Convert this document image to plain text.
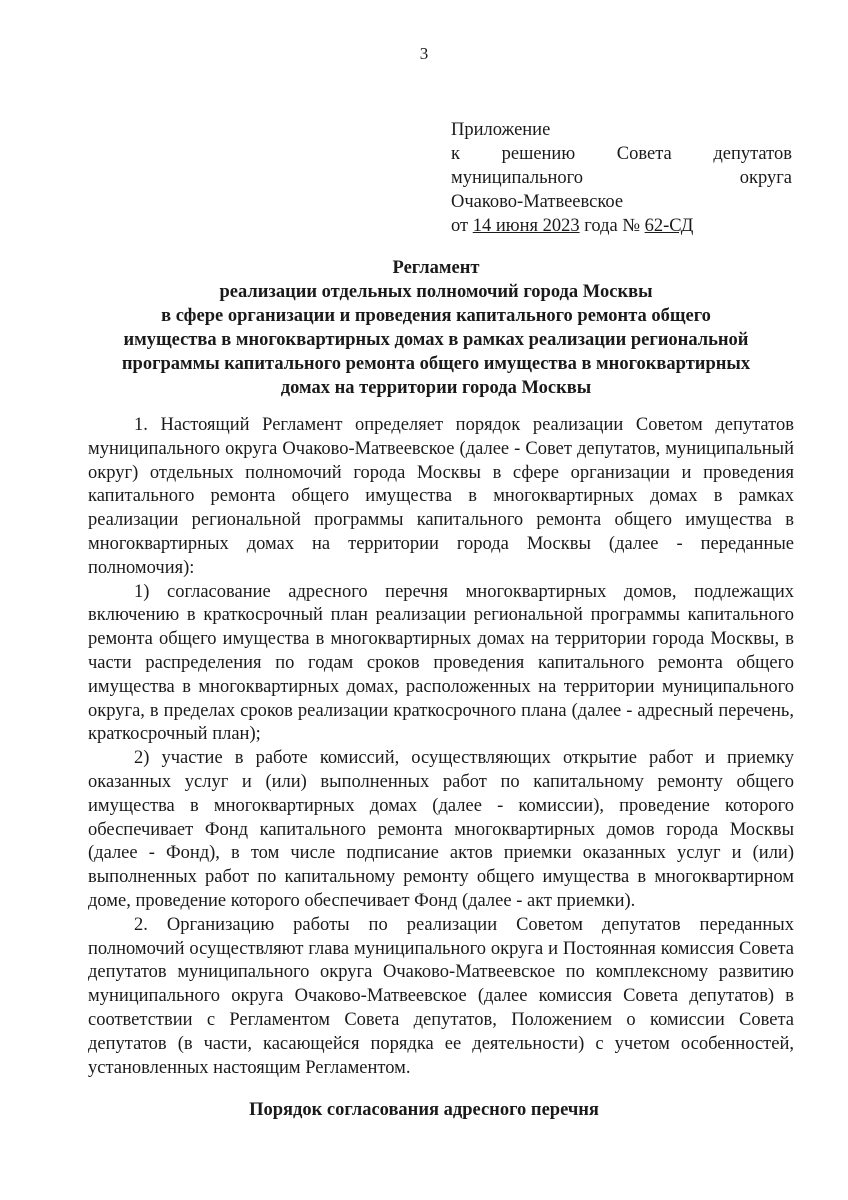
3
Приложение
к решению Совета депутатов
муниципального	округа
Очаково-Матвеевское
от 14 июня 2023 года № 62-СД
Регламент
реализации отдельных полномочий города Москвы
в сфере организации и проведения капитального ремонта общего
имущества в многоквартирных домах в рамках реализации региональной
программы капитального ремонта общего имущества в многоквартирных
домах на территории города Москвы

1. Настоящий Регламент определяет порядок реализации Советом депутатов муниципального округа Очаково-Матвеевское (далее - Совет депутатов, муниципальный округ) отдельных полномочий города Москвы в сфере организации и проведения капитального ремонта общего имущества в многоквартирных домах в рамках реализации региональной программы капитального ремонта общего имущества в многоквартирных домах на территории города Москвы (далее - переданные полномочия):

1) согласование адресного перечня многоквартирных домов, подлежащих включению в краткосрочный план реализации региональной программы капитального ремонта общего имущества в многоквартирных домах на территории города Москвы, в части распределения по годам сроков проведения капитального ремонта общего имущества в многоквартирных домах, расположенных на территории муниципального округа, в пределах сроков реализации краткосрочного плана (далее - адресный перечень, краткосрочный план);

2) участие в работе комиссий, осуществляющих открытие работ и приемку оказанных услуг и (или) выполненных работ по капитальному ремонту общего имущества в многоквартирных домах (далее - комиссии), проведение которого обеспечивает Фонд капитального ремонта многоквартирных домов города Москвы (далее - Фонд), в том числе подписание актов приемки оказанных услуг и (или) выполненных работ по капитальному ремонту общего имущества в многоквартирном доме, проведение которого обеспечивает Фонд (далее - акт приемки).

2. Организацию работы по реализации Советом депутатов переданных полномочий осуществляют глава муниципального округа и Постоянная комиссия Совета депутатов муниципального округа Очаково-Матвеевское по комплексному развитию муниципального округа Очаково-Матвеевское (далее комиссия Совета депутатов) в соответствии с Регламентом Совета депутатов, Положением о комиссии Совета депутатов (в части, касающейся порядка ее деятельности) с учетом особенностей, установленных настоящим Регламентом.

Порядок согласования адресного перечня
